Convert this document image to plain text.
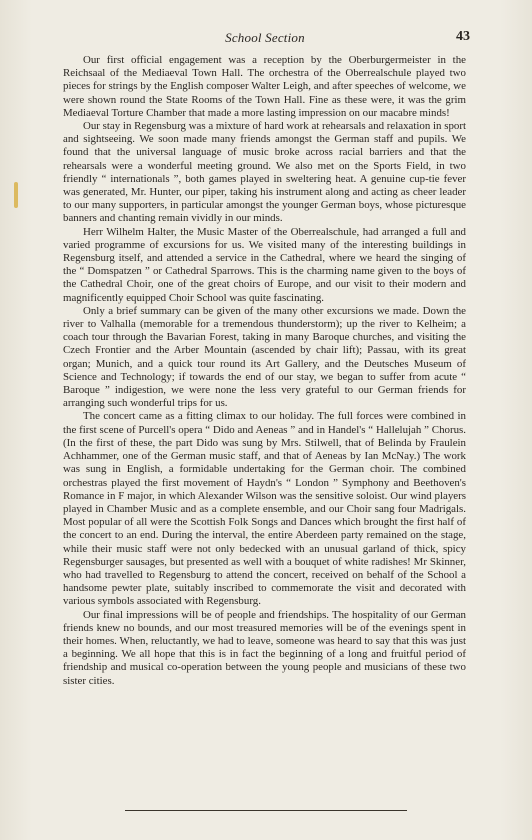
School Section	43

Our first official engagement was a reception by the Oberburgermeister in the Reichsaal of the Mediaeval Town Hall. The orchestra of the Oberrealschule played two pieces for strings by the English composer Walter Leigh, and after speeches of welcome, we were shown round the State Rooms of the Town Hall. Fine as these were, it was the grim Mediaeval Torture Chamber that made a more lasting impression on our macabre minds!

Our stay in Regensburg was a mixture of hard work at rehearsals and relaxation in sport and sightseeing. We soon made many friends amongst the German staff and pupils. We found that the universal language of music broke across racial barriers and that the rehearsals were a wonderful meeting ground. We also met on the Sports Field, in two friendly “ internationals ”, both games played in sweltering heat. A genuine cup-tie fever was generated, Mr. Hunter, our piper, taking his instrument along and acting as cheer leader to our many supporters, in particular amongst the younger German boys, whose picturesque banners and chanting remain vividly in our minds.

Herr Wilhelm Halter, the Music Master of the Oberrealschule, had arranged a full and varied programme of excursions for us. We visited many of the interesting buildings in Regensburg itself, and attended a service in the Cathedral, where we heard the singing of the “ Domspatzen ” or Cathedral Sparrows. This is the charming name given to the boys of the Cathedral Choir, one of the great choirs of Europe, and our visit to their modern and magnificently equipped Choir School was quite fascinating.

Only a brief summary can be given of the many other excursions we made. Down the river to Valhalla (memorable for a tremendous thunderstorm); up the river to Kelheim; a coach tour through the Bavarian Forest, taking in many Baroque churches, and visiting the Czech Frontier and the Arber Mountain (ascended by chair lift); Passau, with its great organ; Munich, and a quick tour round its Art Gallery, and the Deutsches Museum of Science and Technology; if towards the end of our stay, we began to suffer from acute “ Baroque ” indigestion, we were none the less very grateful to our German friends for arranging such wonderful trips for us.

The concert came as a fitting climax to our holiday. The full forces were combined in the first scene of Purcell's opera “ Dido and Aeneas ” and in Handel's “ Hallelujah ” Chorus. (In the first of these, the part Dido was sung by Mrs. Stilwell, that of Belinda by Fraulein Achhammer, one of the German music staff, and that of Aeneas by Ian McNay.) The work was sung in English, a formidable undertaking for the German choir. The combined orchestras played the first movement of Haydn's “ London ” Symphony and Beethoven's Romance in F major, in which Alexander Wilson was the sensitive soloist. Our wind players played in Chamber Music and as a complete ensemble, and our Choir sang four Madrigals. Most popular of all were the Scottish Folk Songs and Dances which brought the first half of the concert to an end. During the interval, the entire Aberdeen party remained on the stage, while their music staff were not only bedecked with an unusual garland of thick, spicy Regensburger sausages, but presented as well with a bouquet of white radishes! Mr Skinner, who had travelled to Regensburg to attend the concert, received on behalf of the School a handsome pewter plate, suitably inscribed to commemorate the visit and decorated with various symbols associated with Regensburg.

Our final impressions will be of people and friendships. The hospitality of our German friends knew no bounds, and our most treasured memories will be of the evenings spent in their homes. When, reluctantly, we had to leave, someone was heard to say that this was just a beginning. We all hope that this is in fact the beginning of a long and fruitful period of friendship and musical co-operation between the young people and musicians of these two sister cities.
